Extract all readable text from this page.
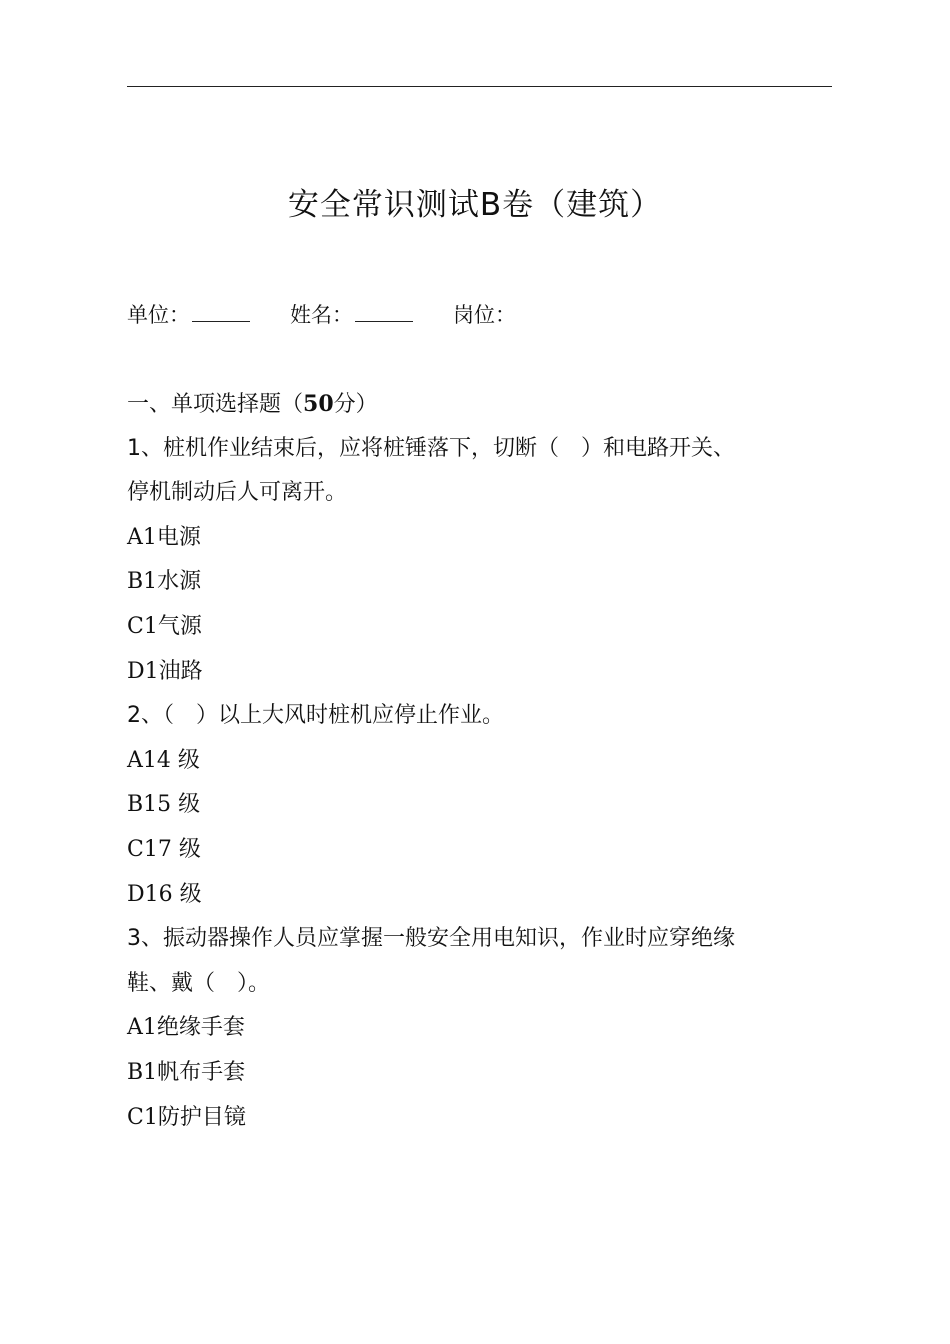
安全常识测试B卷（建筑）
单位：	姓名：	岗位：
一、单项选择题（50分）
1、桩机作业结束后，应将桩锤落下，切断（　）和电路开关、
停机制动后人可离开。
A1电源
B1水源
C1气源
D1油路
2、（　）以上大风时桩机应停止作业。
A14 级
B15 级
C17 级
D16 级
3、振动器操作人员应掌握一般安全用电知识，作业时应穿绝缘
鞋、戴（　）。
A1绝缘手套
B1帆布手套
C1防护目镜
